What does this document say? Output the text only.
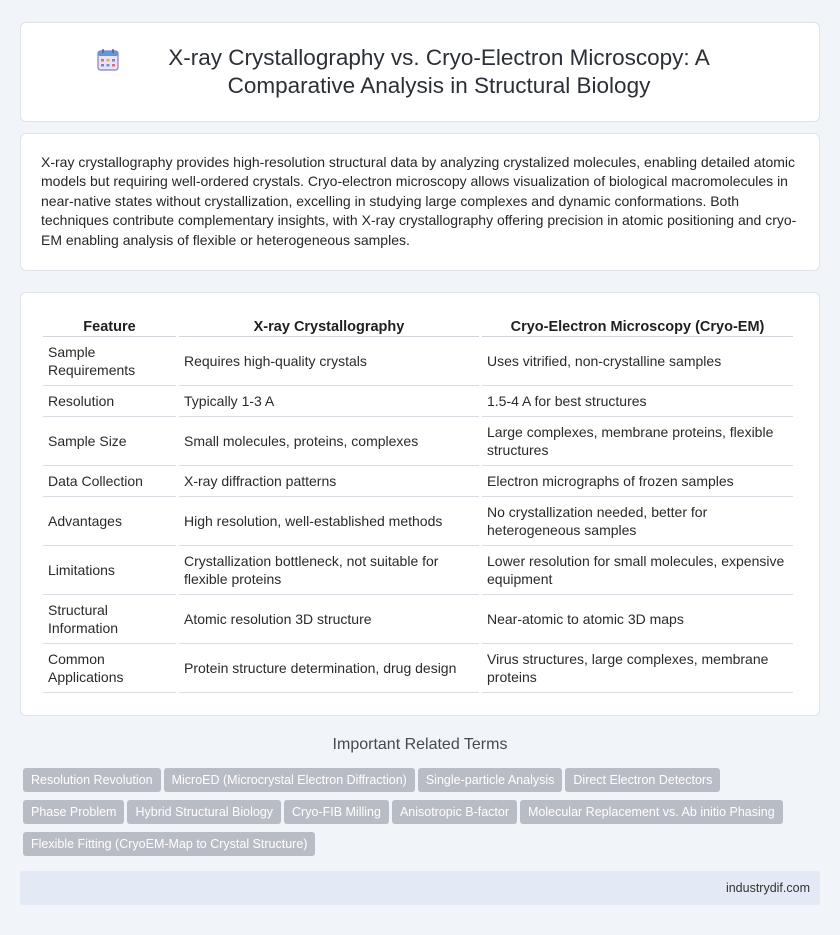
X-ray Crystallography vs. Cryo-Electron Microscopy: A Comparative Analysis in Structural Biology

X-ray crystallography provides high-resolution structural data by analyzing crystalized molecules, enabling detailed atomic models but requiring well-ordered crystals. Cryo-electron microscopy allows visualization of biological macromolecules in near-native states without crystallization, excelling in studying large complexes and dynamic conformations. Both techniques contribute complementary insights, with X-ray crystallography offering precision in atomic positioning and cryo-EM enabling analysis of flexible or heterogeneous samples.

Feature	X-ray Crystallography	Cryo-Electron Microscopy (Cryo-EM)
Sample Requirements	Requires high-quality crystals	Uses vitrified, non-crystalline samples
Resolution	Typically 1-3 A	1.5-4 A for best structures
Sample Size	Small molecules, proteins, complexes	Large complexes, membrane proteins, flexible structures
Data Collection	X-ray diffraction patterns	Electron micrographs of frozen samples
Advantages	High resolution, well-established methods	No crystallization needed, better for heterogeneous samples
Limitations	Crystallization bottleneck, not suitable for flexible proteins	Lower resolution for small molecules, expensive equipment
Structural Information	Atomic resolution 3D structure	Near-atomic to atomic 3D maps
Common Applications	Protein structure determination, drug design	Virus structures, large complexes, membrane proteins
Important Related Terms
Resolution Revolution MicroED (Microcrystal Electron Diffraction) Single-particle Analysis Direct Electron DetectorsPhase Problem Hybrid Structural Biology Cryo-FIB Milling Anisotropic B-factor Molecular Replacement vs. Ab initio PhasingFlexible Fitting (CryoEM-Map to Crystal Structure)
industrydif.com
